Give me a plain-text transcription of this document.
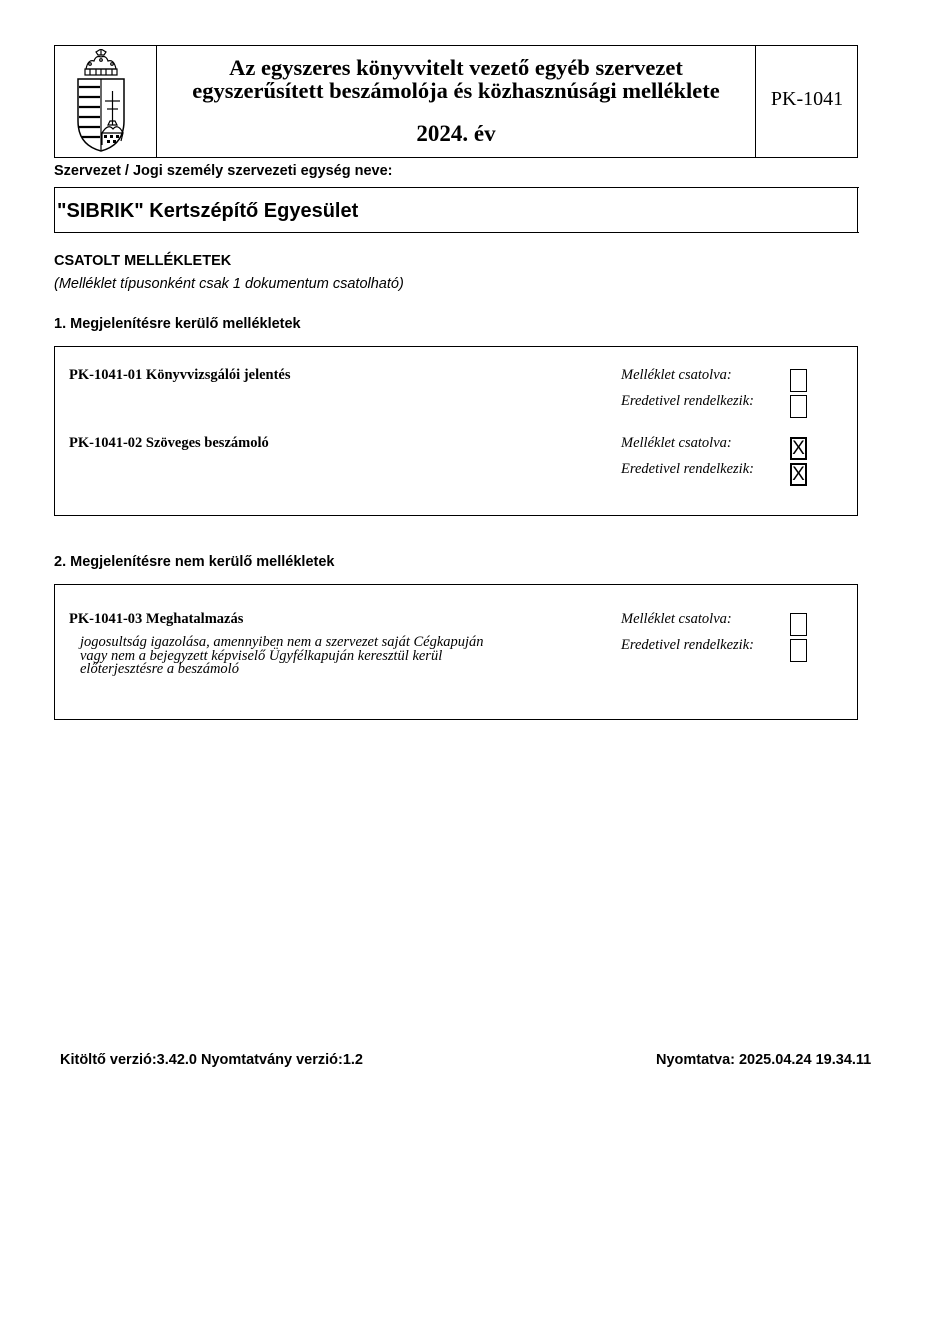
Az egyszeres könyvvitelt vezető egyéb szervezet
egyszerűsített beszámolója és közhasznúsági melléklete
2024. év
PK-1041
Szervezet / Jogi személy szervezeti egység neve:
"SIBRIK" Kertszépítő Egyesület
CSATOLT MELLÉKLETEK
(Melléklet típusonként csak 1 dokumentum csatolható)
1. Megjelenítésre kerülő mellékletek
PK-1041-01 Könyvvizsgálói jelentés	Melléklet csatolva:
Eredetivel rendelkezik:
PK-1041-02 Szöveges beszámoló	Melléklet csatolva:	X
Eredetivel rendelkezik: X
2. Megjelenítésre nem kerülő mellékletek
PK-1041-03 Meghatalmazás
jogosultság igazolása, amennyiben nem a szervezet saját Cégkapuján
vagy nem a bejegyzett képviselő Ügyfélkapuján keresztül kerül
előterjesztésre a beszámoló
Melléklet csatolva:
Eredetivel rendelkezik:
Kitöltő verzió:3.42.0 Nyomtatvány verzió:1.2	Nyomtatva: 2025.04.24 19.34.11
